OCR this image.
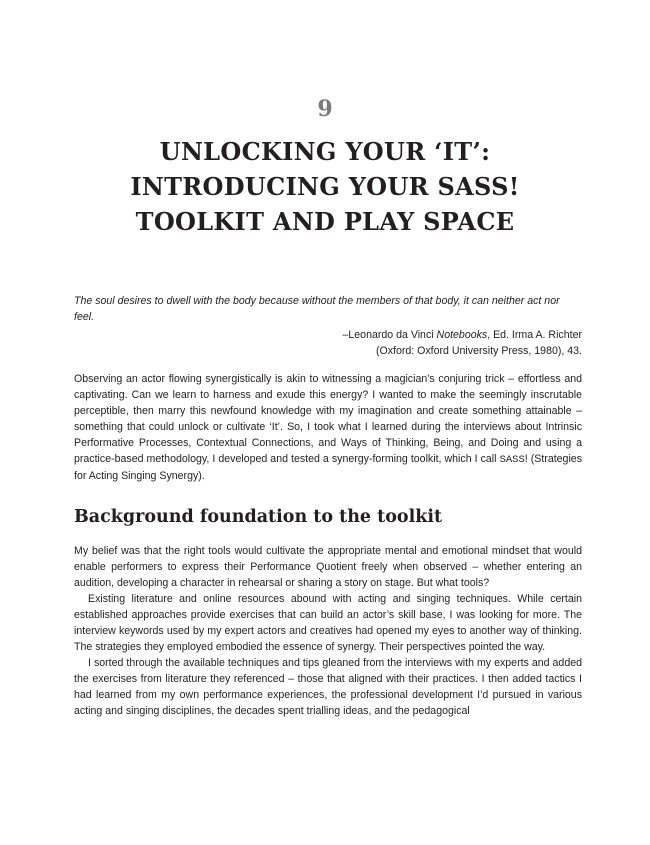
9
UNLOCKING YOUR ‘IT’:
INTRODUCING YOUR SASS!
TOOLKIT AND PLAY SPACE
The soul desires to dwell with the body because without the members of that body, it can neither act nor feel.
–Leonardo da Vinci Notebooks, Ed. Irma A. Richter
(Oxford: Oxford University Press, 1980), 43.
Observing an actor flowing synergistically is akin to witnessing a magician’s conjuring trick – effortless and captivating. Can we learn to harness and exude this energy? I wanted to make the seemingly inscrutable perceptible, then marry this newfound knowledge with my imagination and create something attainable – something that could unlock or cultivate ‘It’. So, I took what I learned during the interviews about Intrinsic Performative Processes, Contextual Connections, and Ways of Thinking, Being, and Doing and using a practice-based methodology, I developed and tested a synergy-forming toolkit, which I call SASS! (Strategies for Acting Singing Synergy).
Background foundation to the toolkit

My belief was that the right tools would cultivate the appropriate mental and emotional mindset that would enable performers to express their Performance Quotient freely when observed – whether entering an audition, developing a character in rehearsal or sharing a story on stage. But what tools?

Existing literature and online resources abound with acting and singing techniques. While certain established approaches provide exercises that can build an actor’s skill base, I was looking for more. The interview keywords used by my expert actors and creatives had opened my eyes to another way of thinking. The strategies they employed embodied the essence of synergy. Their perspectives pointed the way.

I sorted through the available techniques and tips gleaned from the interviews with my experts and added the exercises from literature they referenced – those that aligned with their practices. I then added tactics I had learned from my own performance experiences, the professional development I’d pursued in various acting and singing disciplines, the decades spent trialling ideas, and the pedagogical
